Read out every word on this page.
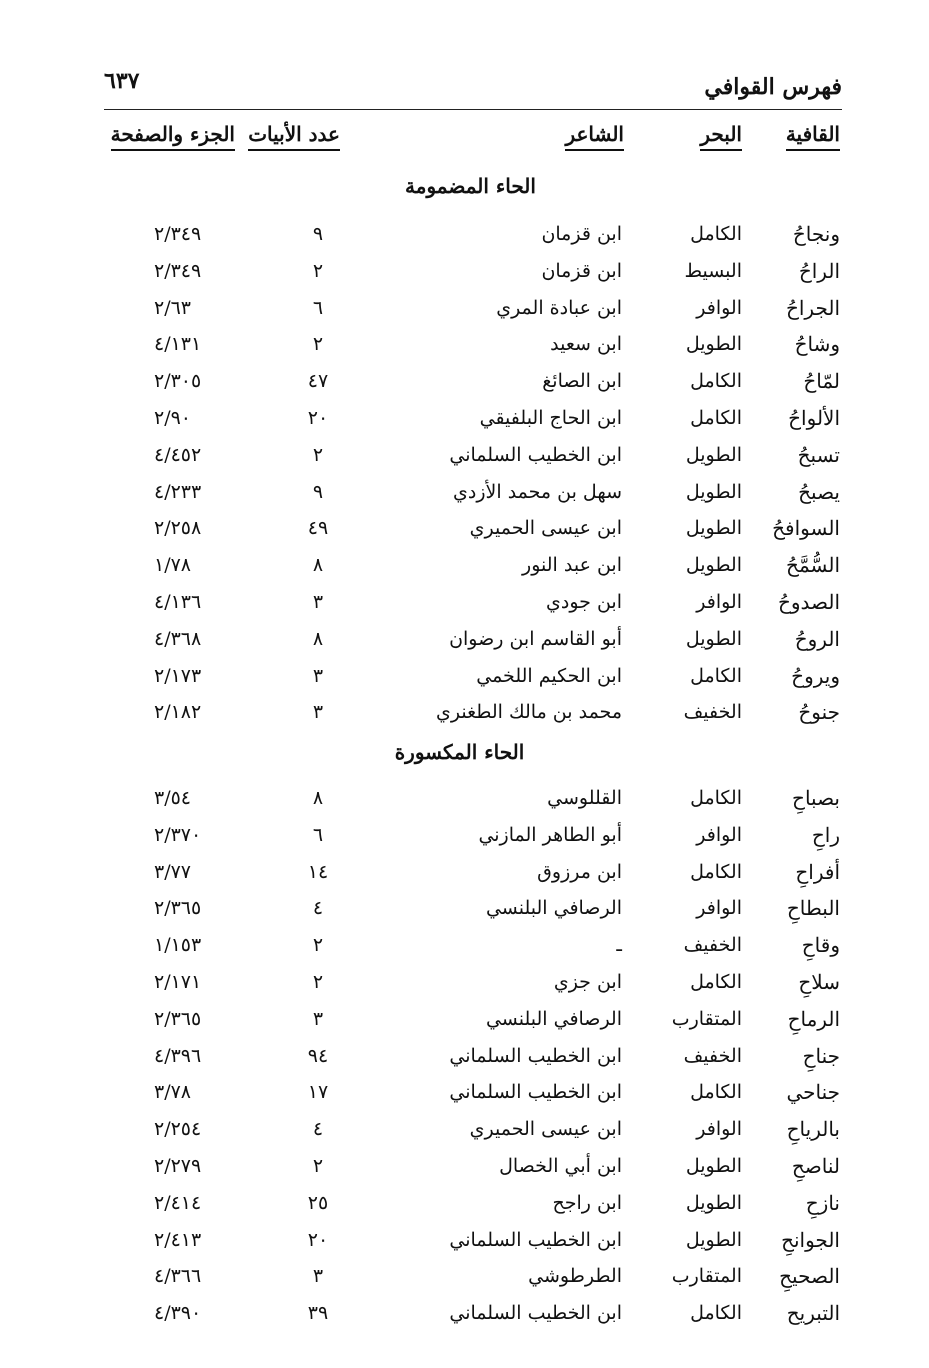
٦٣٧	فهرس القوافي
القافية
البحر
الشاعر
عدد الأبيات
الجزء والصفحة
الحاء المضمومة
الحاء المكسورة
ونجاحُ
الكامل
ابن قزمان
٩
٢/٣٤٩
الراحُ
البسيط
ابن قزمان
٢
٢/٣٤٩
الجراحُ
الوافر
ابن عبادة المري
٦
٢/٦٣
وشاحُ
الطويل
ابن سعيد
٢
٤/١٣١
لمّاحُ
الكامل
ابن الصائغ
٤٧
٢/٣٠٥
الألواحُ
الكامل
ابن الحاج البلفيقي
٢٠
٢/٩٠
تسبحُ
الطويل
ابن الخطيب السلماني
٢
٤/٤٥٢
يصبحُ
الطويل
سهل بن محمد الأزدي
٩
٤/٢٣٣
السوافحُ
الطويل
ابن عيسى الحميري
٤٩
٢/٢٥٨
السُّمَّحُ
الطويل
ابن عبد النور
٨
١/٧٨
الصدوحُ
الوافر
ابن جودي
٣
٤/١٣٦
الروحُ
الطويل
أبو القاسم ابن رضوان
٨
٤/٣٦٨
ويروحُ
الكامل
ابن الحكيم اللخمي
٣
٢/١٧٣
جنوحُ
الخفيف
محمد بن مالك الطغنري
٣
٢/١٨٢
بصباحِ
الكامل
القللوسي
٨
٣/٥٤
راحِ
الوافر
أبو الطاهر المازني
٦
٢/٣٧٠
أفراحِ
الكامل
ابن مرزوق
١٤
٣/٧٧
البطاحِ
الوافر
الرصافي البلنسي
٤
٢/٣٦٥
وقاحِ
الخفيف
ـ
٢
١/١٥٣
سلاحِ
الكامل
ابن جزي
٢
٢/١٧١
الرماحِ
المتقارب
الرصافي البلنسي
٣
٢/٣٦٥
جناحِ
الخفيف
ابن الخطيب السلماني
٩٤
٤/٣٩٦
جناحي
الكامل
ابن الخطيب السلماني
١٧
٣/٧٨
بالرياحِ
الوافر
ابن عيسى الحميري
٤
٢/٢٥٤
لناصحِ
الطويل
ابن أبي الخصال
٢
٢/٢٧٩
نازحِ
الطويل
ابن راجح
٢٥
٢/٤١٤
الجوانحِ
الطويل
ابن الخطيب السلماني
٢٠
٢/٤١٣
الصحيحِ
المتقارب
الطرطوشي
٣
٤/٣٦٦
التبريح
الكامل
ابن الخطيب السلماني
٣٩
٤/٣٩٠
